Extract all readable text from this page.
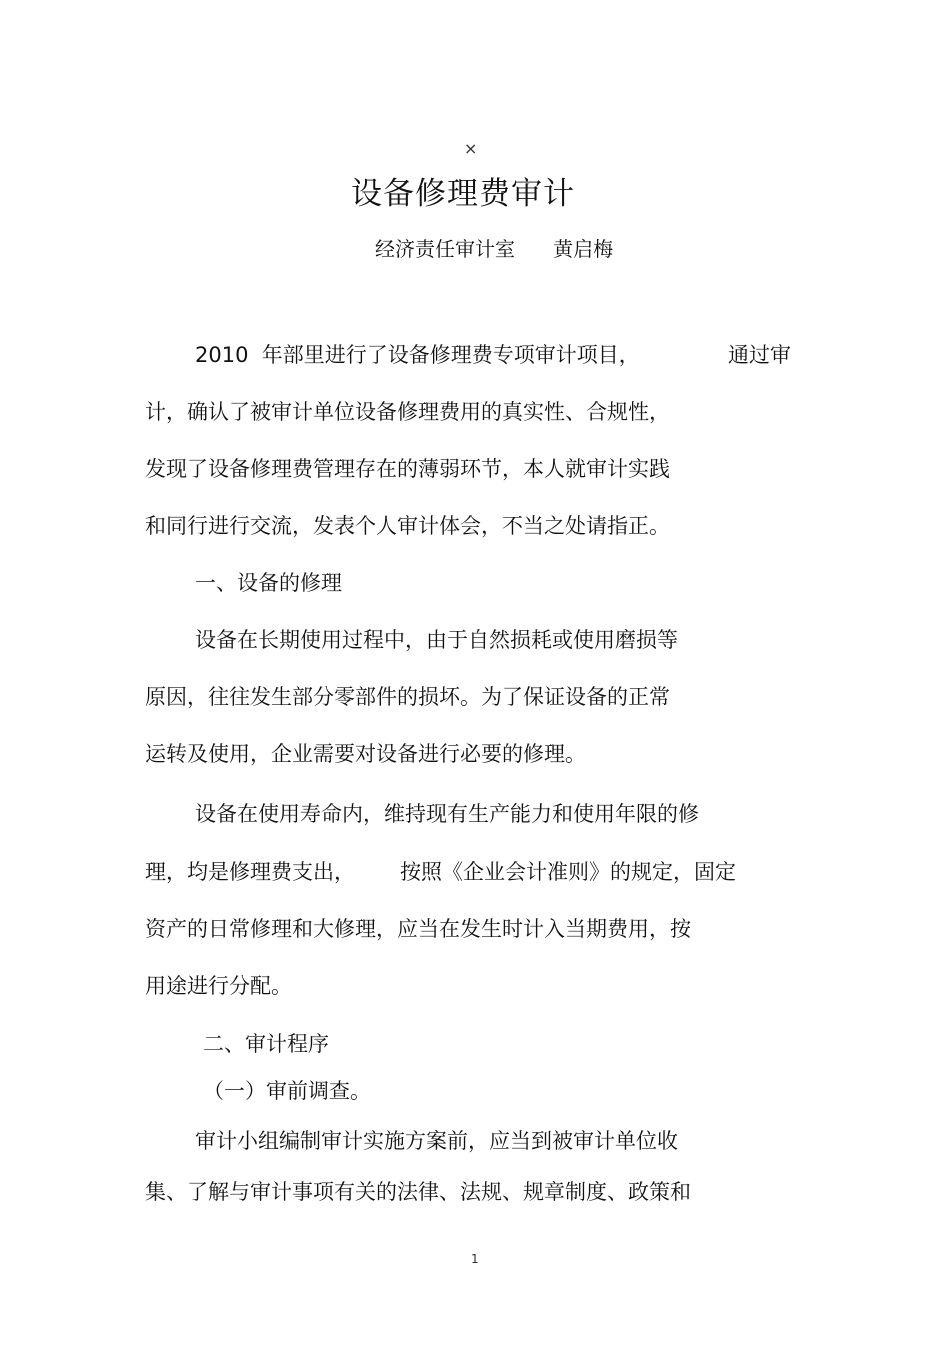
×
设备修理费审计
经济责任审计室      黄启梅
2010  年部里进行了设备修理费专项审计项目，	通过审
计，确认了被审计单位设备修理费用的真实性、合规性，
发现了设备修理费管理存在的薄弱环节，本人就审计实践
和同行进行交流，发表个人审计体会，不当之处请指正。
一、设备的修理
设备在长期使用过程中，由于自然损耗或使用磨损等
原因，往往发生部分零部件的损坏。为了保证设备的正常
运转及使用，企业需要对设备进行必要的修理。
设备在使用寿命内，维持现有生产能力和使用年限的修
理，均是修理费支出， 按照《企业会计准则》的规定，固定
资产的日常修理和大修理，应当在发生时计入当期费用，按
用途进行分配。
二、审计程序
（一）审前调查。
审计小组编制审计实施方案前，应当到被审计单位收
集、了解与审计事项有关的法律、法规、规章制度、政策和
1
